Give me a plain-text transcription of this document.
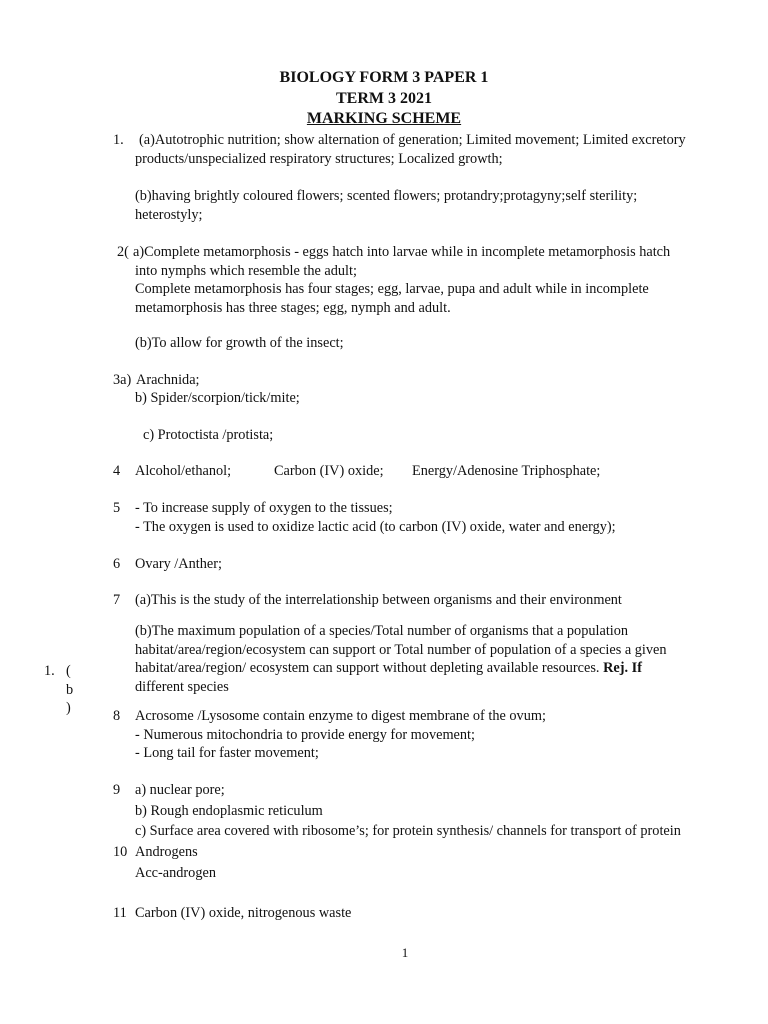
BIOLOGY FORM 3 PAPER 1
TERM 3 2021
MARKING SCHEME
1. (a)Autotrophic nutrition; show alternation of generation; Limited movement; Limited excretory
products/unspecialized respiratory structures; Localized growth;
(b)having brightly coloured flowers; scented flowers; protandry;protagyny;self sterility;
heterostyly;
2( a)Complete metamorphosis - eggs hatch into larvae while in incomplete metamorphosis hatch
into nymphs which resemble the adult;
Complete metamorphosis has four stages; egg, larvae, pupa and adult while in incomplete
metamorphosis has three stages; egg, nymph and adult.
(b)To allow for growth of the insect;
3a) Arachnida;
b) Spider/scorpion/tick/mite;
c) Protoctista /protista;
4 Alcohol/ethanol;	Carbon (IV) oxide; Energy/Adenosine Triphosphate;
5 - To increase supply of oxygen to the tissues;
- The oxygen is used to oxidize lactic acid (to carbon (IV) oxide, water and energy);
6 Ovary /Anther;
7 (a)This is the study of the interrelationship between organisms and their environment
(b)The maximum population of a species/Total number of organisms that a population
habitat/area/region/ecosystem can support or Total number of population of a species a given
habitat/area/region/ ecosystem can support without depleting available resources. Rej. If
different species
1. (
b
)	8 Acrosome /Lysosome contain enzyme to digest membrane of the ovum;
- Numerous mitochondria to provide energy for movement;
- Long tail for faster movement;
9 a) nuclear pore;
b) Rough endoplasmic reticulum
c) Surface area covered with ribosome’s; for protein synthesis/ channels for transport of protein
10 Androgens
Acc-androgen
11 Carbon (IV) oxide, nitrogenous waste
1
